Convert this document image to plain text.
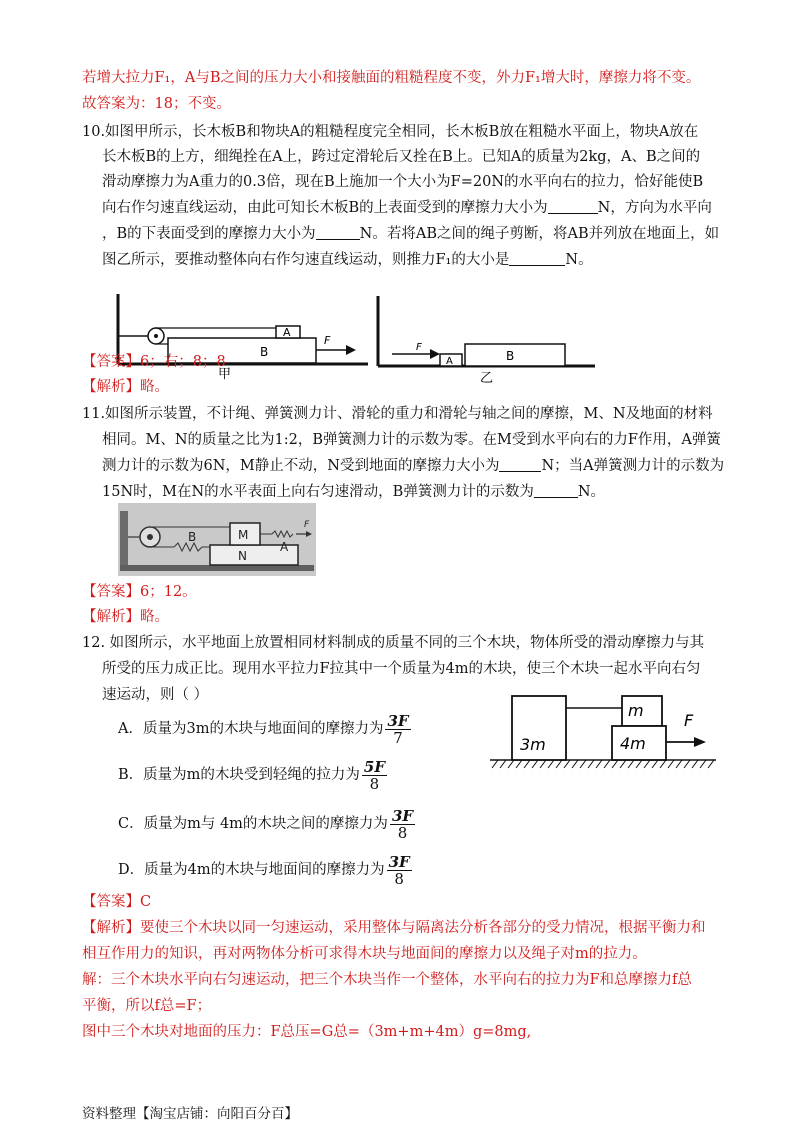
若增大拉力F₁，A与B之间的压力大小和接触面的粗糙程度不变，外力F₁增大时，摩擦力将不变。
故答案为：18；不变。
10.如图甲所示，长木板B和物块A的粗糙程度完全相同，长木板B放在粗糙水平面上，物块A放在
长木板B的上方，细绳拴在A上，跨过定滑轮后又拴在B上。已知A的质量为2kg，A、B之间的
滑动摩擦力为A重力的0.3倍，现在B上施加一个大小为F=20N的水平向右的拉力，恰好能使B
向右作匀速直线运动，由此可知长木板B的上表面受到的摩擦力大小为	N，方向为水平向
，B的下表面受到的摩擦力大小为	N。若将AB之间的绳子剪断，将AB并列放在地面上，如
图乙所示，要推动整体向右作匀速直线运动，则推力F₁的大小是	N。
A
B
F
甲
A	B
F
乙
【答案】6；右；8；8
【解析】略。
11.如图所示装置，不计绳、弹簧测力计、滑轮的重力和滑轮与轴之间的摩擦，M、N及地面的材料
相同。M、N的质量之比为1:2，B弹簧测力计的示数为零。在M受到水平向右的力F作用，A弹簧
测力计的示数为6N，M静止不动，N受到地面的摩擦力大小为	N；当A弹簧测力计的示数为
15N时，M在N的水平表面上向右匀速滑动，B弹簧测力计的示数为	N。
B
N
M
A
F
【答案】6；12。
【解析】略。
12. 如图所示，水平地面上放置相同材料制成的质量不同的三个木块，物体所受的滑动摩擦力与其
所受的压力成正比。现用水平拉力F拉其中一个质量为4m的木块，使三个木块一起水平向右匀
速运动，则（ ）
A．质量为3m的木块与地面间的摩擦力为 $\frac{3F}{7}$
B．质量为m的木块受到轻绳的拉力为 $\frac{5F}{8}$
C．质量为m与 4m的木块之间的摩擦力为 $\frac{3F}{8}$
D．质量为4m的木块与地面间的摩擦力为 $\frac{3F}{8}$
3m
m
4m
F
【答案】C
【解析】要使三个木块以同一匀速运动，采用整体与隔离法分析各部分的受力情况，根据平衡力和
相互作用力的知识，再对两物体分析可求得木块与地面间的摩擦力以及绳子对m的拉力。
解：三个木块水平向右匀速运动，把三个木块当作一个整体，水平向右的拉力为F和总摩擦力f总
平衡，所以f总=F；
图中三个木块对地面的压力：F总压=G总=（3m+m+4m）g=8mg,
资料整理【淘宝店铺：向阳百分百】
